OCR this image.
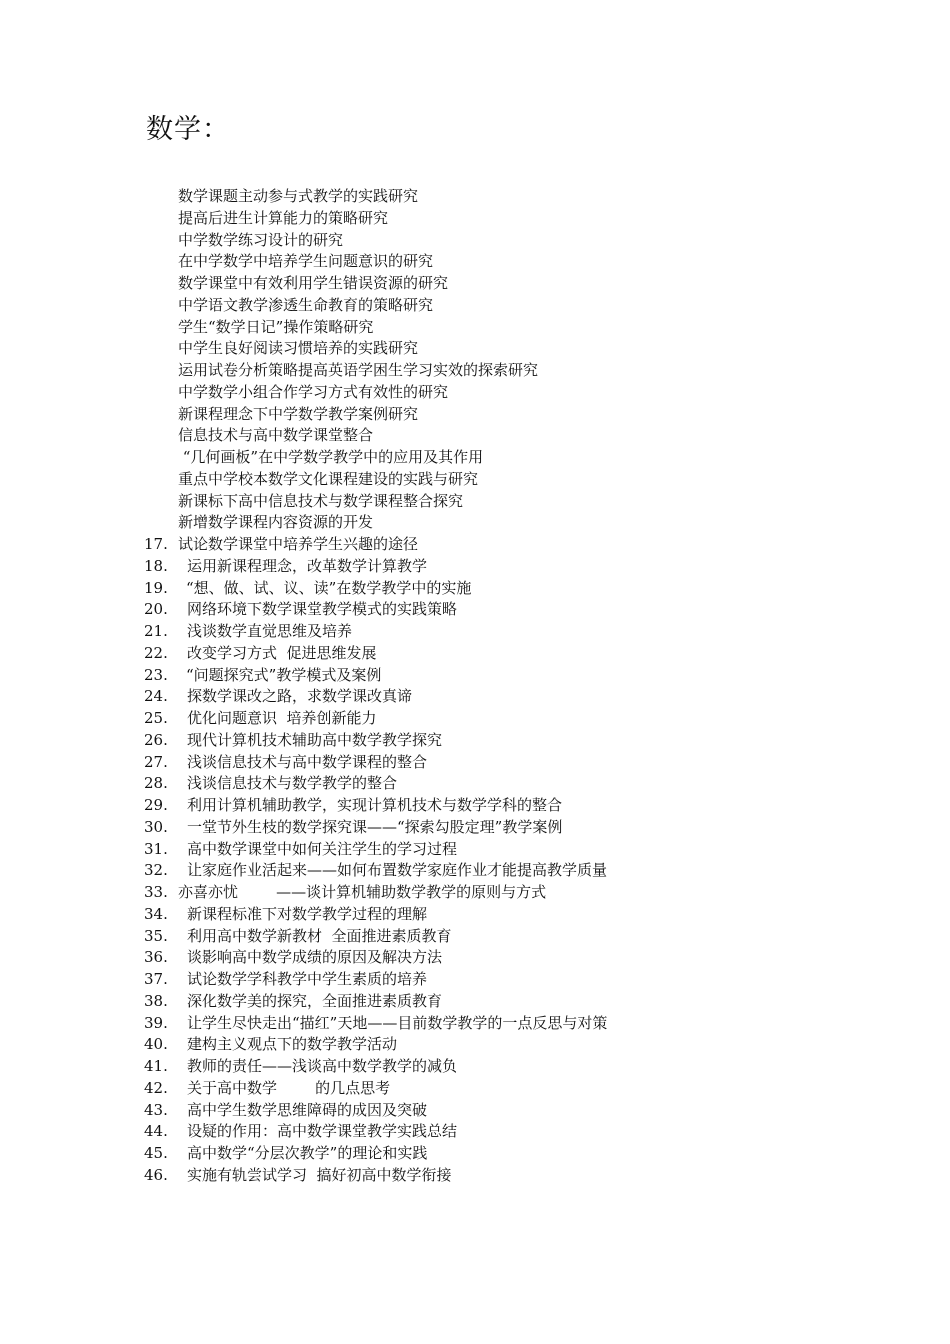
数学：
数学课题主动参与式教学的实践研究
提高后进生计算能力的策略研究
中学数学练习设计的研究
在中学数学中培养学生问题意识的研究
数学课堂中有效利用学生错误资源的研究
中学语文教学渗透生命教育的策略研究
学生“数学日记”操作策略研究
中学生良好阅读习惯培养的实践研究
运用试卷分析策略提高英语学困生学习实效的探索研究
中学数学小组合作学习方式有效性的研究
新课程理念下中学数学教学案例研究
信息技术与高中数学课堂整合
“几何画板”在中学数学教学中的应用及其作用
重点中学校本数学文化课程建设的实践与研究
新课标下高中信息技术与数学课程整合探究
新增数学课程内容资源的开发
17. 试论数学课堂中培养学生兴趣的途径
18. 运用新课程理念，改革数学计算教学
19. “想、做、试、议、读”在数学教学中的实施
20. 网络环境下数学课堂教学模式的实践策略
21. 浅谈数学直觉思维及培养
22. 改变学习方式  促进思维发展
23. “问题探究式”教学模式及案例
24. 探数学课改之路，求数学课改真谛
25. 优化问题意识  培养创新能力
26. 现代计算机技术辅助高中数学教学探究
27. 浅谈信息技术与高中数学课程的整合
28. 浅谈信息技术与数学教学的整合
29. 利用计算机辅助教学，实现计算机技术与数学学科的整合
30. 一堂节外生枝的数学探究课——“探索勾股定理”教学案例
31. 高中数学课堂中如何关注学生的学习过程
32. 让家庭作业活起来——如何布置数学家庭作业才能提高教学质量
33. 亦喜亦忧        ——谈计算机辅助数学教学的原则与方式
34. 新课程标准下对数学教学过程的理解
35. 利用高中数学新教材  全面推进素质教育
36. 谈影响高中数学成绩的原因及解决方法
37. 试论数学学科教学中学生素质的培养
38. 深化数学美的探究，全面推进素质教育
39. 让学生尽快走出“描红”天地——目前数学教学的一点反思与对策
40. 建构主义观点下的数学教学活动
41. 教师的责任——浅谈高中数学教学的减负
42. 关于高中数学        的几点思考
43. 高中学生数学思维障碍的成因及突破
44. 设疑的作用：高中数学课堂教学实践总结
45. 高中数学“分层次教学”的理论和实践
46. 实施有轨尝试学习  搞好初高中数学衔接
